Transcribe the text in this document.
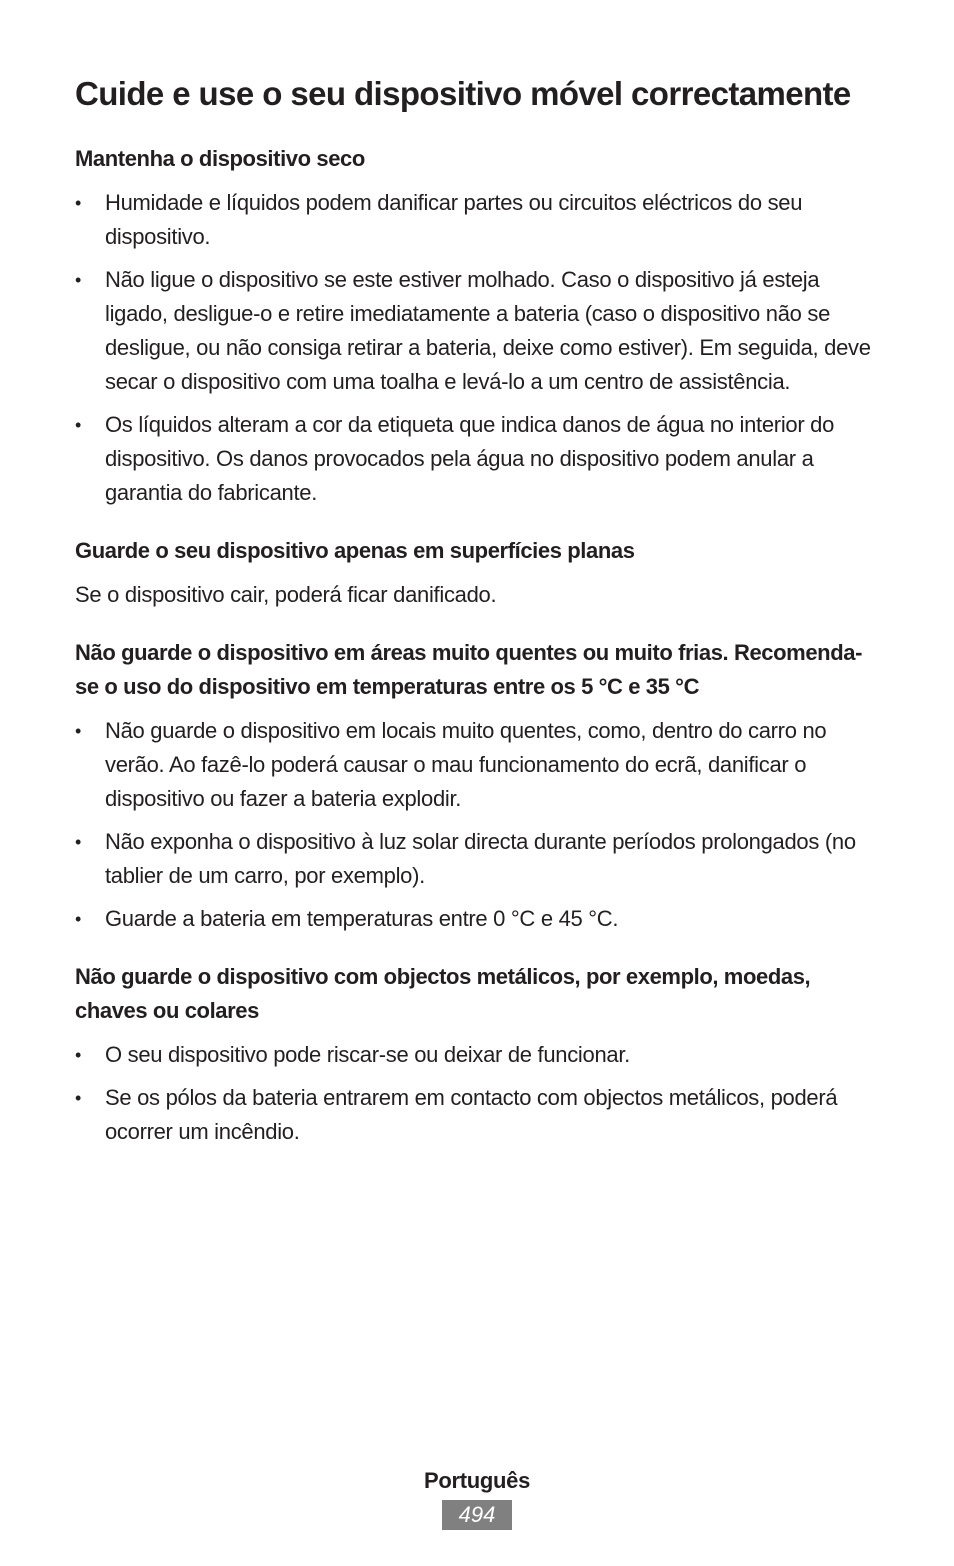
Cuide e use o seu dispositivo móvel correctamente
Mantenha o dispositivo seco
• Humidade e líquidos podem danificar partes ou circuitos eléctricos do seu dispositivo.
• Não ligue o dispositivo se este estiver molhado. Caso o dispositivo já esteja ligado, desligue-o e retire imediatamente a bateria (caso o dispositivo não se desligue, ou não consiga retirar a bateria, deixe como estiver). Em seguida, deve secar o dispositivo com uma toalha e levá-lo a um centro de assistência.
• Os líquidos alteram a cor da etiqueta que indica danos de água no interior do dispositivo. Os danos provocados pela água no dispositivo podem anular a garantia do fabricante.
Guarde o seu dispositivo apenas em superfícies planas

Se o dispositivo cair, poderá ficar danificado.

Não guarde o dispositivo em áreas muito quentes ou muito frias. Recomenda-se o uso do dispositivo em temperaturas entre os 5 °C e 35 °C
• Não guarde o dispositivo em locais muito quentes, como, dentro do carro no verão. Ao fazê-lo poderá causar o mau funcionamento do ecrã, danificar o dispositivo ou fazer a bateria explodir.
• Não exponha o dispositivo à luz solar directa durante períodos prolongados (no tablier de um carro, por exemplo).
• Guarde a bateria em temperaturas entre 0 °C e 45 °C.
Não guarde o dispositivo com objectos metálicos, por exemplo, moedas, chaves ou colares
• O seu dispositivo pode riscar-se ou deixar de funcionar.
• Se os pólos da bateria entrarem em contacto com objectos metálicos, poderá ocorrer um incêndio.
Português
494
